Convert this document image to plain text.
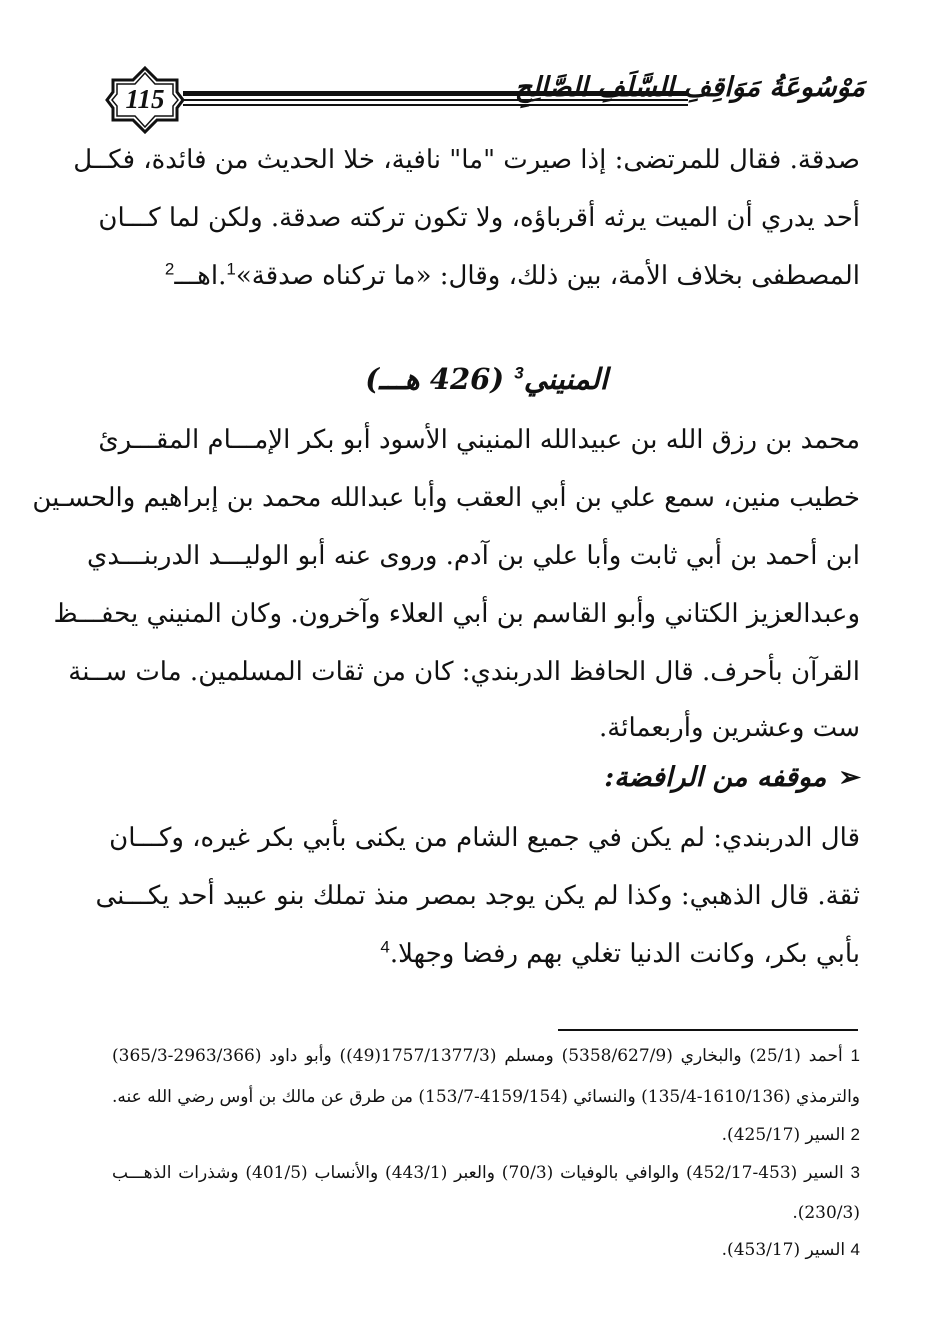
115	مَوْسُوعَةُ مَوَاقِفِ السَّلَفِ الصَّالِحِ
صدقة. فقال للمرتضى: إذا صيرت "ما" نافية، خلا الحديث من فائدة، فكــل
أحد يدري أن الميت يرثه أقرباؤه، ولا تكون تركته صدقة. ولكن لما كـــان
المصطفى بخلاف الأمة، بين ذلك، وقال: «ما تركناه صدقة»$^1$.اهـــ$^2$
المنيني$^3$ (426 هـــ)
محمد بن رزق الله بن عبيدالله المنيني الأسود أبو بكر الإمـــام المقـــرئ
خطيب منين، سمع علي بن أبي العقب وأبا عبدالله محمد بن إبراهيم والحسـين
ابن أحمد بن أبي ثابت وأبا علي بن آدم. وروى عنه أبو الوليـــد الدربنـــدي
وعبدالعزيز الكتاني وأبو القاسم بن أبي العلاء وآخرون. وكان المنيني يحفـــظ
القرآن بأحرف. قال الحافظ الدربندي: كان من ثقات المسلمين. مات ســنة
ست وعشرين وأربعمائة.
➢موقفه من الرافضة:
قال الدربندي: لم يكن في جميع الشام من يكنى بأبي بكر غيره، وكـــان
ثقة. قال الذهبي: وكذا لم يكن يوجد بمصر منذ تملك بنو عبيد أحد يكـــنى
بأبي بكر، وكانت الدنيا تغلي بهم رفضا وجهلا.$^4$
1 أحمد (25/1) والبخاري (5358/627/9) ومسلم (1757/1377/3(49)) وأبو داود (2963/366-365/3)
والترمذي (1610/136-135/4) والنسائي (4159/154-153/7) من طرق عن مالك بن أوس رضي الله عنه.
2 السير (425/17).
3 السير (453-452/17) والوافي بالوفيات (70/3) والعبر (443/1) والأنساب (401/5) وشذرات الذهـــب
(230/3).
4 السير (453/17).
